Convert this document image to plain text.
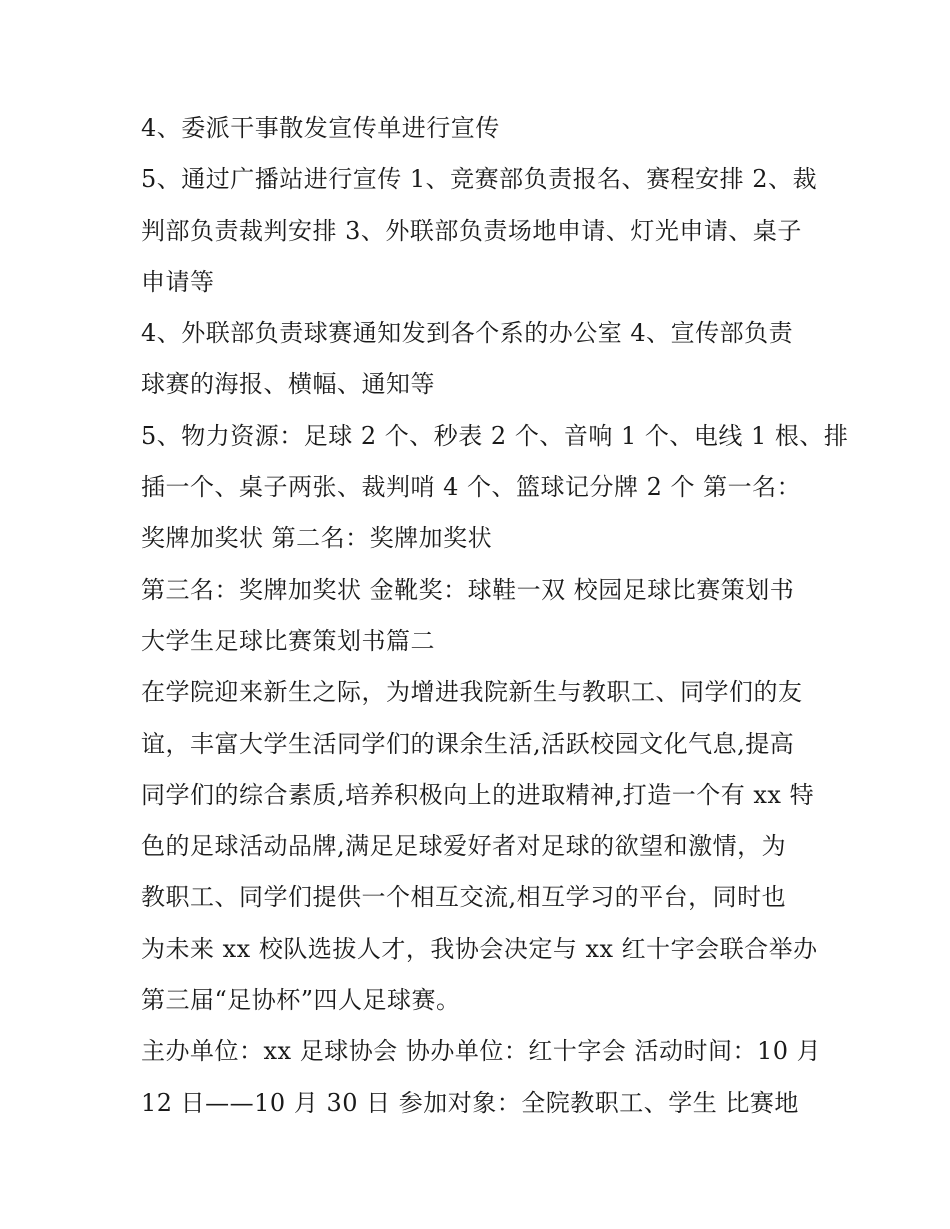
4、委派干事散发宣传单进行宣传
5、通过广播站进行宣传 1、竞赛部负责报名、赛程安排 2、裁
判部负责裁判安排 3、外联部负责场地申请、灯光申请、桌子
申请等
4、外联部负责球赛通知发到各个系的办公室 4、宣传部负责
球赛的海报、横幅、通知等
5、物力资源：足球 2 个、秒表 2 个、音响 1 个、电线 1 根、排
插一个、桌子两张、裁判哨 4 个、篮球记分牌 2 个 第一名：
奖牌加奖状 第二名：奖牌加奖状
第三名：奖牌加奖状 金靴奖：球鞋一双 校园足球比赛策划书
大学生足球比赛策划书篇二
在学院迎来新生之际，为增进我院新生与教职工、同学们的友
谊，丰富大学生活同学们的课余生活,活跃校园文化气息,提高
同学们的综合素质,培养积极向上的进取精神,打造一个有 xx 特
色的足球活动品牌,满足足球爱好者对足球的欲望和激情，为
教职工、同学们提供一个相互交流,相互学习的平台，同时也
为未来 xx 校队选拔人才，我协会决定与 xx 红十字会联合举办
第三届“足协杯”四人足球赛。
主办单位：xx 足球协会 协办单位：红十字会 活动时间：10 月
12 日——10 月 30 日 参加对象：全院教职工、学生 比赛地
